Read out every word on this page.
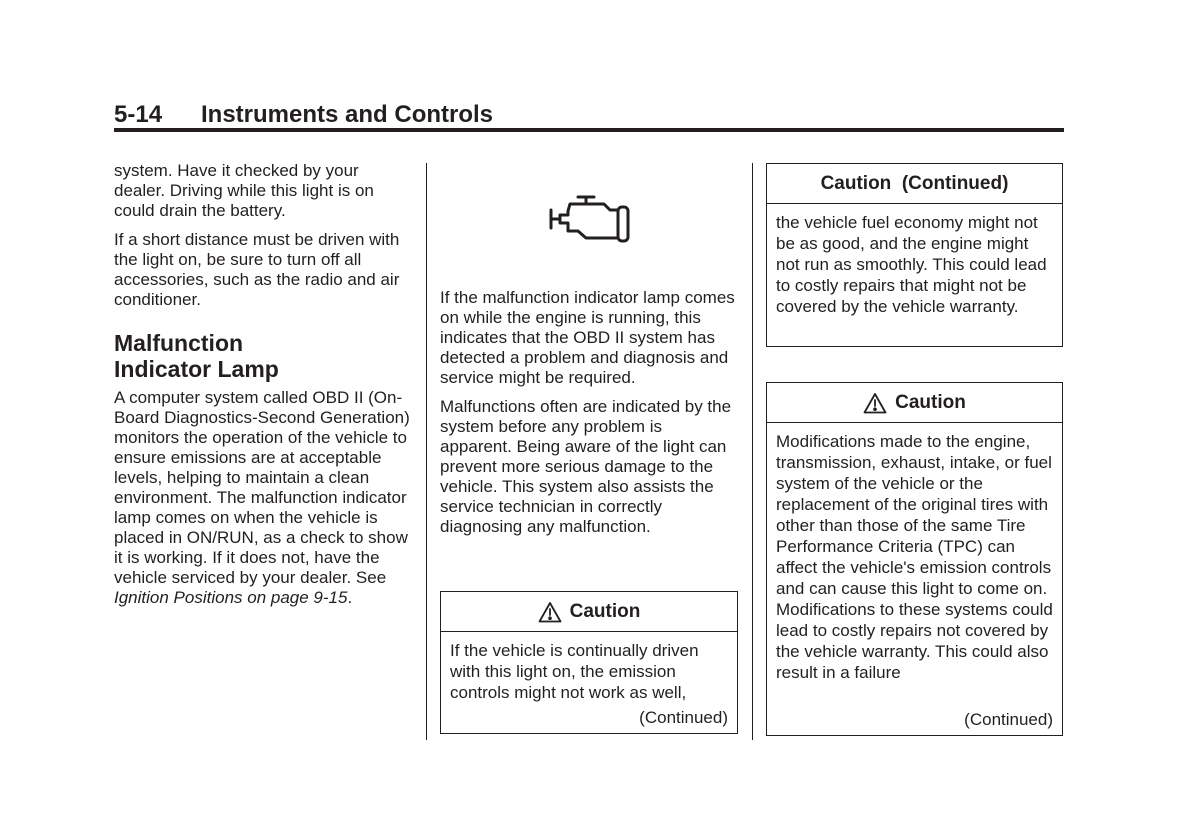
5-14 Instruments and Controls

system. Have it checked by your dealer. Driving while this light is on could drain the battery.

If a short distance must be driven with the light on, be sure to turn off all accessories, such as the radio and air conditioner.

Malfunction
Indicator Lamp

A computer system called OBD II (On-Board Diagnostics-Second Generation) monitors the operation of the vehicle to ensure emissions are at acceptable levels, helping to maintain a clean environment. The malfunction indicator lamp comes on when the vehicle is placed in ON/RUN, as a check to show it is working. If it does not, have the vehicle serviced by your dealer. See Ignition Positions on page 9-15.

If the malfunction indicator lamp comes on while the engine is running, this indicates that the OBD II system has detected a problem and diagnosis and service might be required.

Malfunctions often are indicated by the system before any problem is apparent. Being aware of the light can prevent more serious damage to the vehicle. This system also assists the service technician in correctly diagnosing any malfunction.

Caution
If the vehicle is continually driven with this light on, the emission controls might not work as well,
(Continued)
Caution  (Continued)
the vehicle fuel economy might not be as good, and the engine might not run as smoothly. This could lead to costly repairs that might not be covered by the vehicle warranty.
Caution
Modifications made to the engine, transmission, exhaust, intake, or fuel system of the vehicle or the replacement of the original tires with other than those of the same Tire Performance Criteria (TPC) can affect the vehicle's emission controls and can cause this light to come on. Modifications to these systems could lead to costly repairs not covered by the vehicle warranty. This could also result in a failure
(Continued)
